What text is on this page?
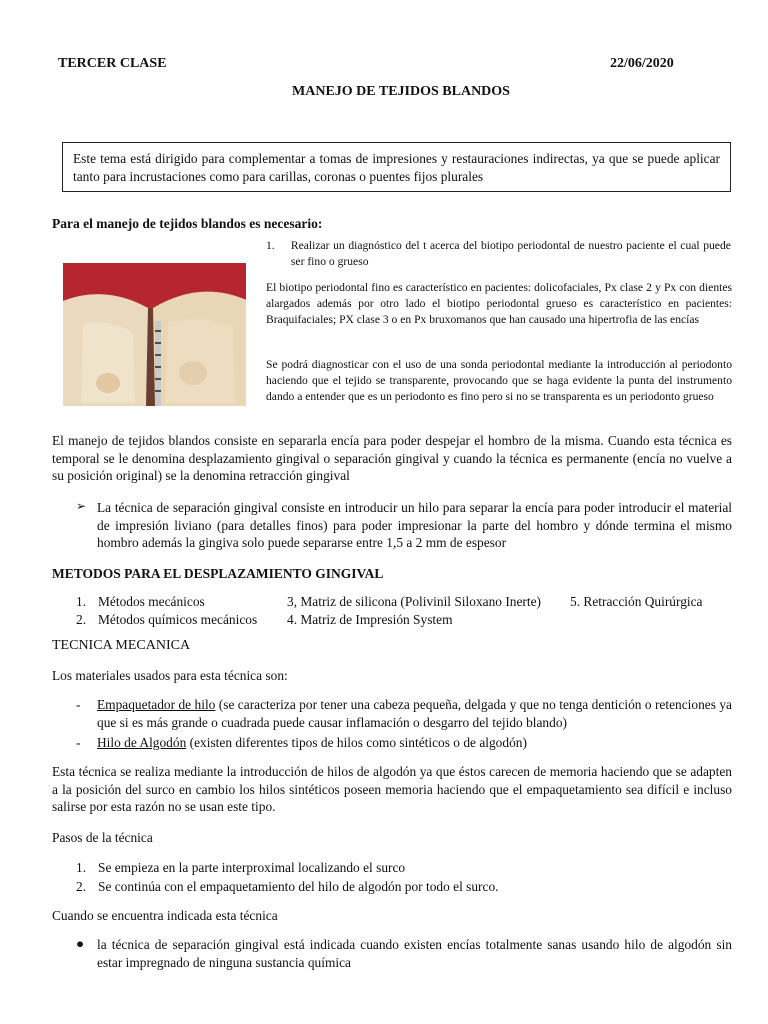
TERCER CLASE	22/06/2020
MANEJO DE TEJIDOS BLANDOS
Este tema está dirigido para complementar a tomas de impresiones y restauraciones indirectas, ya que se puede aplicar tanto para incrustaciones como para carillas, coronas o puentes fijos plurales
Para el manejo de tejidos blandos es necesario:
1. Realizar un diagnóstico del t acerca del biotipo periodontal de nuestro paciente el cual puede ser fino o grueso
El biotipo periodontal fino es característico en pacientes: dolicofaciales, Px clase 2 y Px con dientes alargados además por otro lado el biotipo periodontal grueso es característico en pacientes: Braquifaciales; PX clase 3 o en Px bruxomanos que han causado una hipertrofia de las encías
Se podrá diagnosticar con el uso de una sonda periodontal mediante la introducción al periodonto haciendo que el tejido se transparente, provocando que se haga evidente la punta del instrumento dando a entender que es un periodonto es fino pero si no se transparenta es un periodonto grueso
El manejo de tejidos blandos consiste en separarla encía para poder despejar el hombro de la misma. Cuando esta técnica es temporal se le denomina desplazamiento gingival o separación gingival y cuando la técnica es permanente (encía no vuelve a su posición original) se la denomina retracción gingival
➢ La técnica de separación gingival consiste en introducir un hilo para separar la encía para poder introducir el material de impresión liviano (para detalles finos) para poder impresionar la parte del hombro y dónde termina el mismo hombro además la gingiva solo puede separarse entre 1,5 a 2 mm de espesor
METODOS PARA EL DESPLAZAMIENTO GINGIVAL
1. Métodos mecánicos	3, Matriz de silicona (Polivinil Siloxano Inerte) 5. Retracción Quirúrgica
2. Métodos químicos mecánicos 4. Matriz de Impresión System
TECNICA MECANICA
Los materiales usados para esta técnica son:
- Empaquetador de hilo (se caracteriza por tener una cabeza pequeña, delgada y que no tenga dentición o retenciones ya que si es más grande o cuadrada puede causar inflamación o desgarro del tejido blando)
- Hilo de Algodón (existen diferentes tipos de hilos como sintéticos o de algodón)
Esta técnica se realiza mediante la introducción de hilos de algodón ya que éstos carecen de memoria haciendo que se adapten a la posición del surco en cambio los hilos sintéticos poseen memoria haciendo que el empaquetamiento sea difícil e incluso salirse por esta razón no se usan este tipo.
Pasos de la técnica
1. Se empieza en la parte interproximal localizando el surco
2. Se continúa con el empaquetamiento del hilo de algodón por todo el surco.
Cuando se encuentra indicada esta técnica
● la técnica de separación gingival está indicada cuando existen encías totalmente sanas usando hilo de algodón sin estar impregnado de ninguna sustancia química
